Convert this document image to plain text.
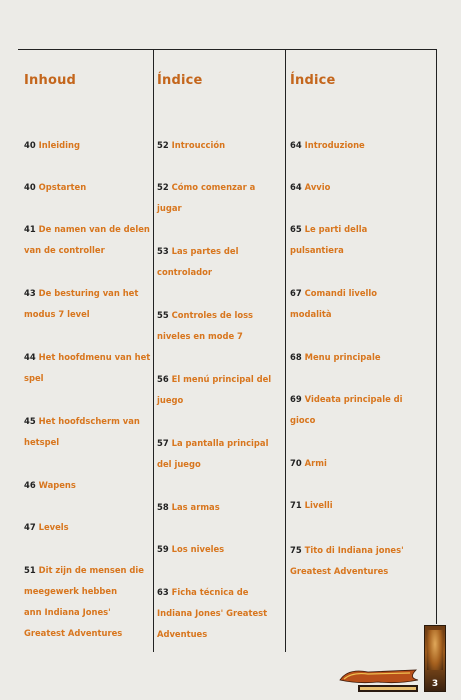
Inhoud
40 Inleiding
40 Opstarten
41 De namen van de delen
van de controller
43 De besturing van het
modus 7 level
44 Het hoofdmenu van het
spel
45 Het hoofdscherm van
hetspel
46 Wapens
47 Levels
51 Dit zijn de mensen die
meegewerk hebben
ann Indiana Jones'
Greatest Adventures
Índice
52 Introucción
52 Cómo comenzar a
jugar
53 Las partes del
controlador
55 Controles de loss
niveles en mode 7
56 El menú principal del
juego
57 La pantalla principal
del juego
58 Las armas
59 Los niveles
63 Ficha técnica de
Indiana Jones' Greatest
Adventues
Índice
64 Introduzione
64 Avvio
65 Le parti della
pulsantiera
67 Comandi livello
modalità
68 Menu principale
69 Videata principale di
gioco
70 Armi
71 Livelli
75 Tito di Indiana jones'
Greatest Adventures
3
